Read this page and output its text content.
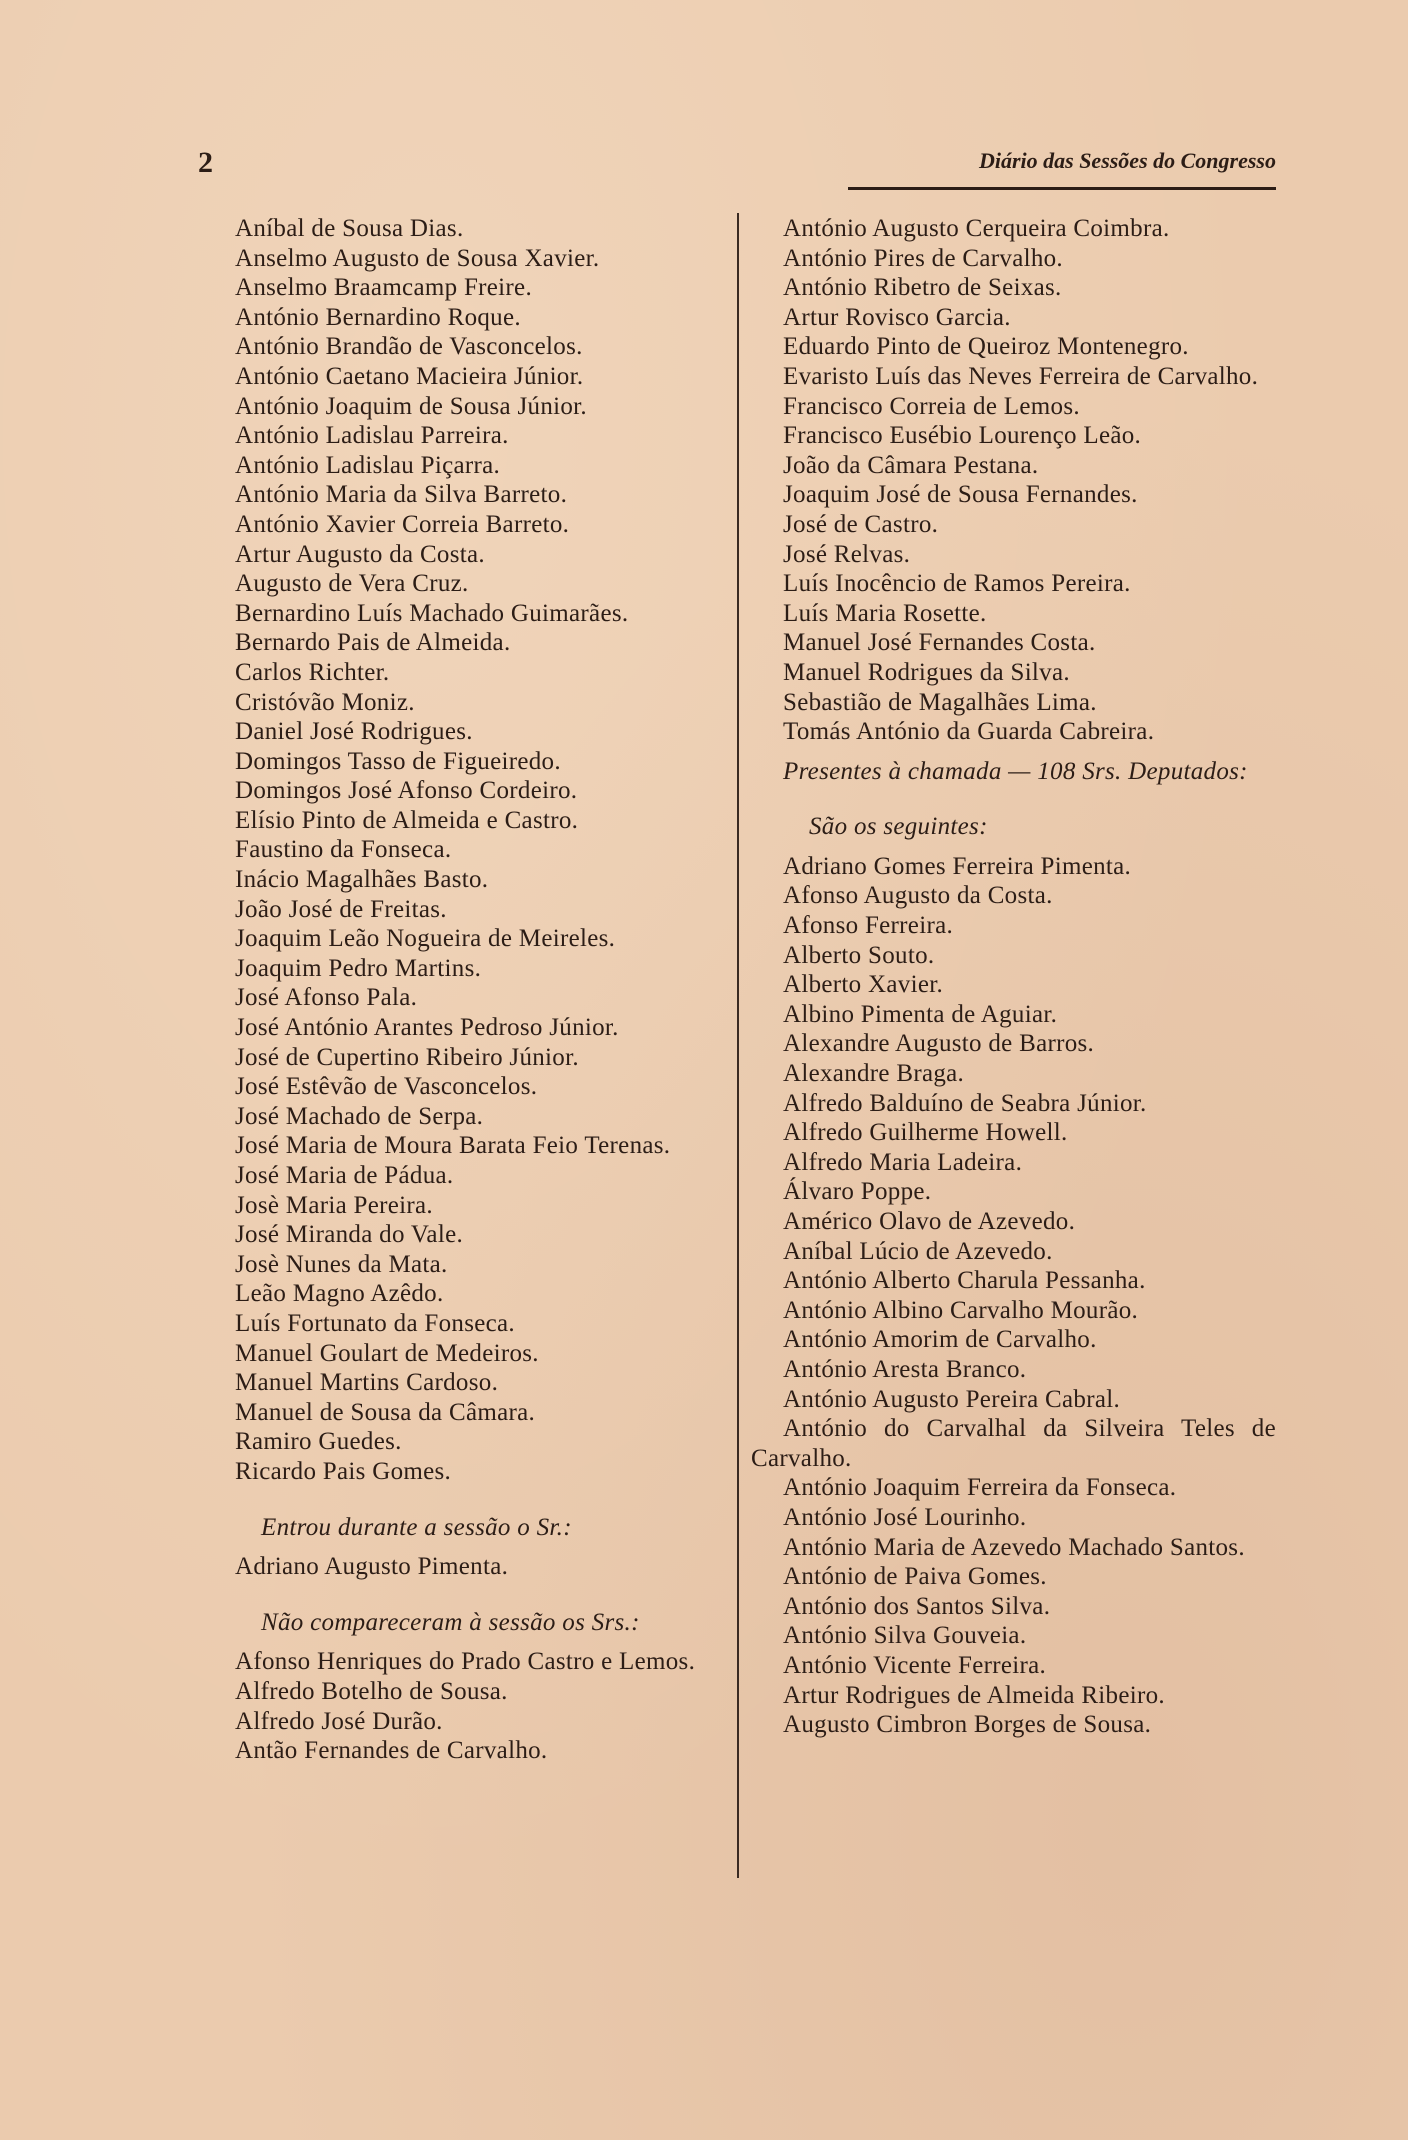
2	Diário das Sessões do Congresso

Aníbal de Sousa Dias.

Anselmo Augusto de Sousa Xavier.

Anselmo Braamcamp Freire.

António Bernardino Roque.

António Brandão de Vasconcelos.

António Caetano Macieira Júnior.

António Joaquim de Sousa Júnior.

António Ladislau Parreira.

António Ladislau Piçarra.

António Maria da Silva Barreto.

António Xavier Correia Barreto.

Artur Augusto da Costa.

Augusto de Vera Cruz.

Bernardino Luís Machado Guimarães.

Bernardo Pais de Almeida.

Carlos Richter.

Cristóvão Moniz.

Daniel José Rodrigues.

Domingos Tasso de Figueiredo.

Domingos José Afonso Cordeiro.

Elísio Pinto de Almeida e Castro.

Faustino da Fonseca.

Inácio Magalhães Basto.

João José de Freitas.

Joaquim Leão Nogueira de Meireles.

Joaquim Pedro Martins.

José Afonso Pala.

José António Arantes Pedroso Júnior.

José de Cupertino Ribeiro Júnior.

José Estêvão de Vasconcelos.

José Machado de Serpa.

José Maria de Moura Barata Feio Terenas.

José Maria de Pádua.

Josè Maria Pereira.

José Miranda do Vale.

Josè Nunes da Mata.

Leão Magno Azêdo.

Luís Fortunato da Fonseca.

Manuel Goulart de Medeiros.

Manuel Martins Cardoso.

Manuel de Sousa da Câmara.

Ramiro Guedes.

Ricardo Pais Gomes.

Entrou durante a sessão o Sr.:

Adriano Augusto Pimenta.

Não compareceram à sessão os Srs.:

Afonso Henriques do Prado Castro e Lemos.

Alfredo Botelho de Sousa.

Alfredo José Durão.

Antão Fernandes de Carvalho.

António Augusto Cerqueira Coimbra.

António Pires de Carvalho.

António Ribetro de Seixas.

Artur Rovisco Garcia.

Eduardo Pinto de Queiroz Montenegro.

Evaristo Luís das Neves Ferreira de Carvalho.

Francisco Correia de Lemos.

Francisco Eusébio Lourenço Leão.

João da Câmara Pestana.

Joaquim José de Sousa Fernandes.

José de Castro.

José Relvas.

Luís Inocêncio de Ramos Pereira.

Luís Maria Rosette.

Manuel José Fernandes Costa.

Manuel Rodrigues da Silva.

Sebastião de Magalhães Lima.

Tomás António da Guarda Cabreira.

Presentes à chamada — 108 Srs. Deputados:

São os seguintes:

Adriano Gomes Ferreira Pimenta.

Afonso Augusto da Costa.

Afonso Ferreira.

Alberto Souto.

Alberto Xavier.

Albino Pimenta de Aguiar.

Alexandre Augusto de Barros.

Alexandre Braga.

Alfredo Balduíno de Seabra Júnior.

Alfredo Guilherme Howell.

Alfredo Maria Ladeira.

Álvaro Poppe.

Américo Olavo de Azevedo.

Aníbal Lúcio de Azevedo.

António Alberto Charula Pessanha.

António Albino Carvalho Mourão.

António Amorim de Carvalho.

António Aresta Branco.

António Augusto Pereira Cabral.

António do Carvalhal da Silveira Teles de Carvalho.

António Joaquim Ferreira da Fonseca.

António José Lourinho.

António Maria de Azevedo Machado Santos.

António de Paiva Gomes.

António dos Santos Silva.

António Silva Gouveia.

António Vicente Ferreira.

Artur Rodrigues de Almeida Ribeiro.

Augusto Cimbron Borges de Sousa.
